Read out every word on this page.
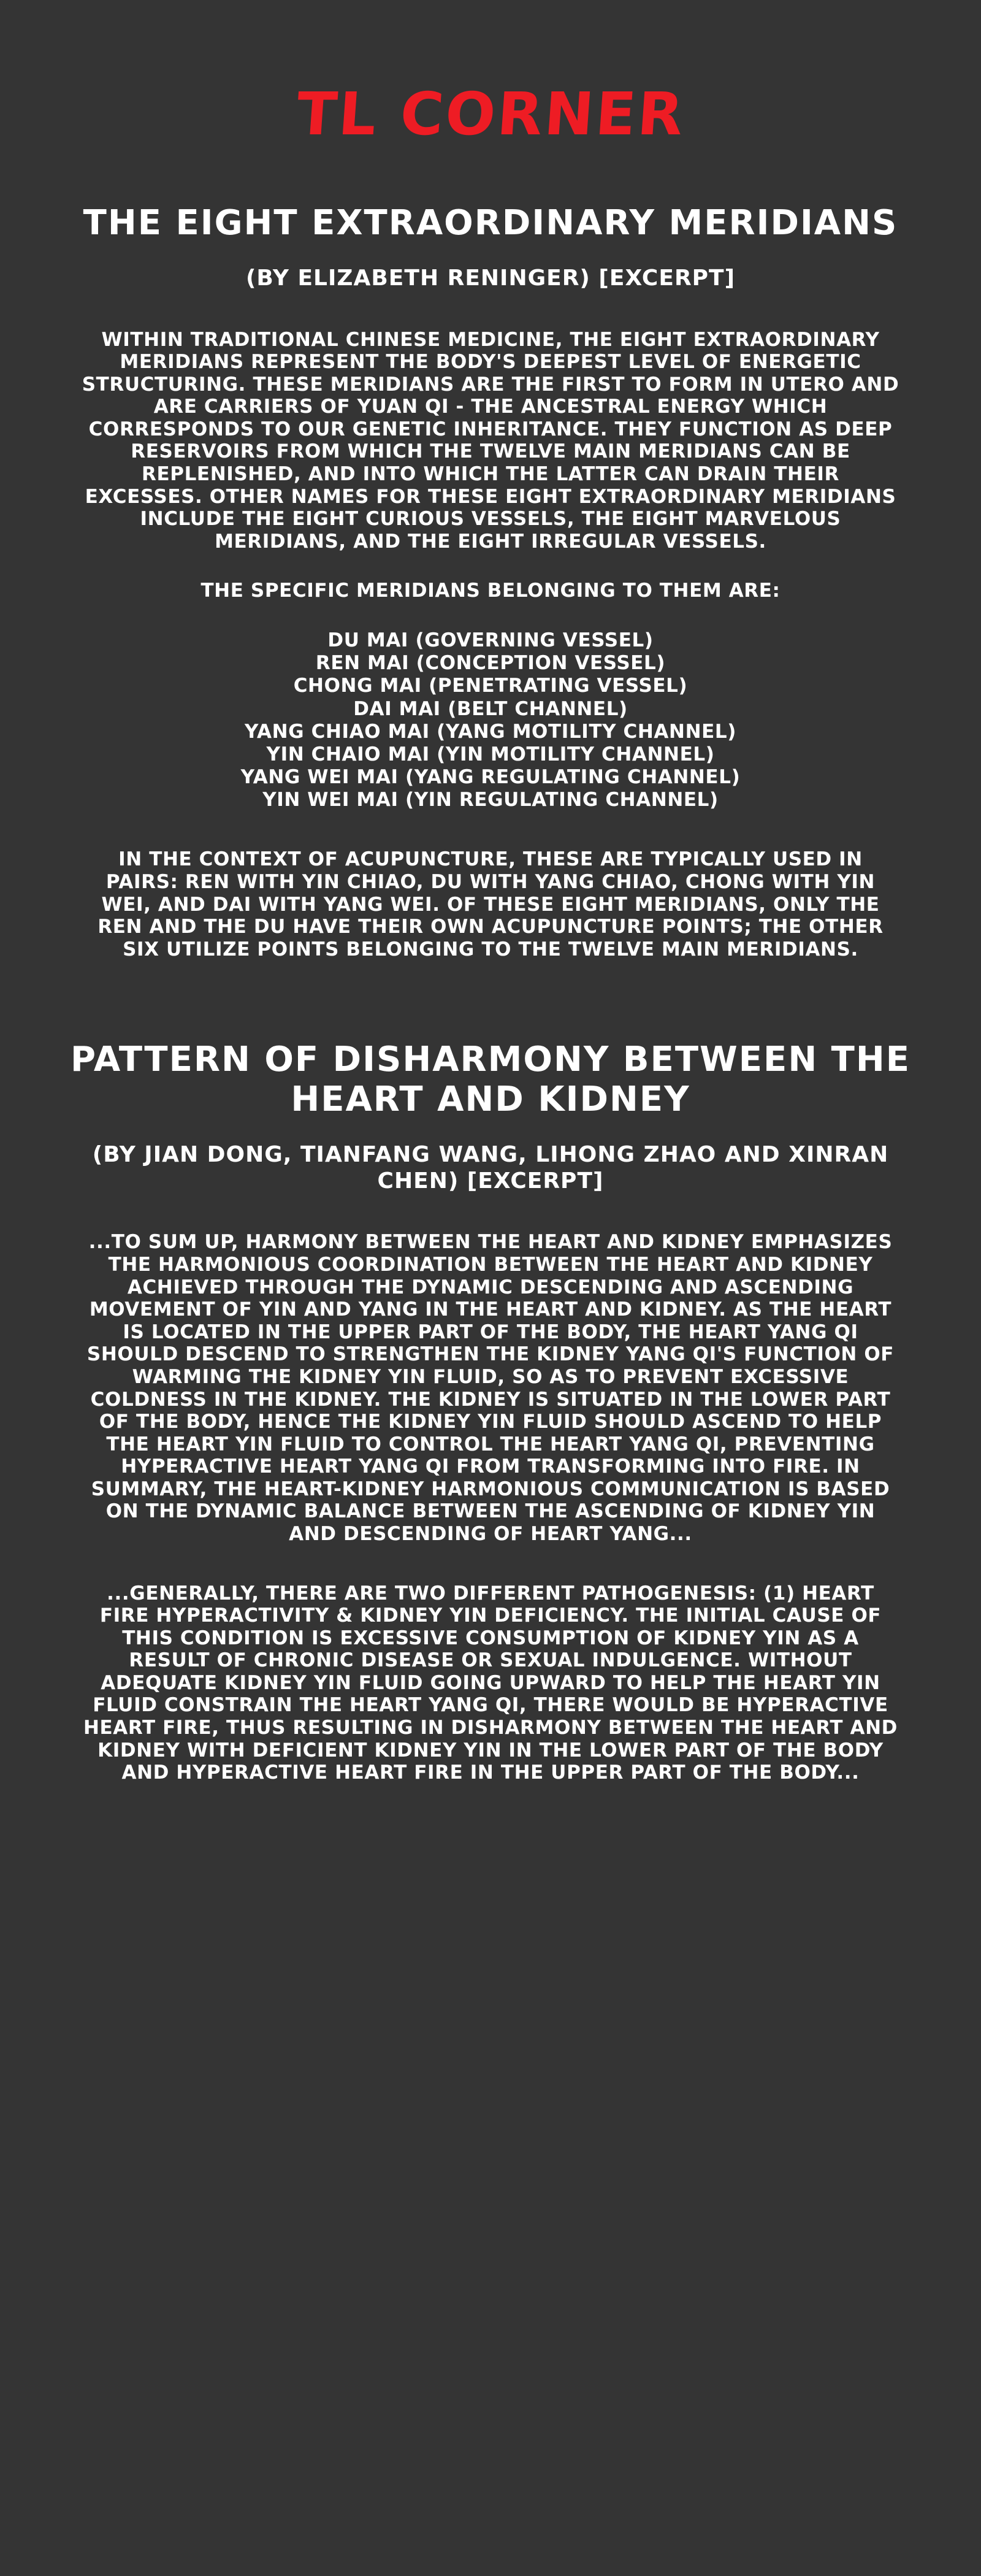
TL CORNER
THE EIGHT EXTRAORDINARY MERIDIANS
(BY ELIZABETH RENINGER) [EXCERPT]
WITHIN TRADITIONAL CHINESE MEDICINE, THE EIGHT EXTRAORDINARY MERIDIANS REPRESENT THE BODY'S DEEPEST LEVEL OF ENERGETIC STRUCTURING. THESE MERIDIANS ARE THE FIRST TO FORM IN UTERO AND ARE CARRIERS OF YUAN QI - THE ANCESTRAL ENERGY WHICH CORRESPONDS TO OUR GENETIC INHERITANCE. THEY FUNCTION AS DEEP RESERVOIRS FROM WHICH THE TWELVE MAIN MERIDIANS CAN BE REPLENISHED, AND INTO WHICH THE LATTER CAN DRAIN THEIR EXCESSES. OTHER NAMES FOR THESE EIGHT EXTRAORDINARY MERIDIANS INCLUDE THE EIGHT CURIOUS VESSELS, THE EIGHT MARVELOUS MERIDIANS, AND THE EIGHT IRREGULAR VESSELS.
THE SPECIFIC MERIDIANS BELONGING TO THEM ARE:
DU MAI (GOVERNING VESSEL)
REN MAI (CONCEPTION VESSEL)
CHONG MAI (PENETRATING VESSEL)
DAI MAI (BELT CHANNEL)
YANG CHIAO MAI (YANG MOTILITY CHANNEL)
YIN CHAIO MAI (YIN MOTILITY CHANNEL)
YANG WEI MAI (YANG REGULATING CHANNEL)
YIN WEI MAI (YIN REGULATING CHANNEL)
IN THE CONTEXT OF ACUPUNCTURE, THESE ARE TYPICALLY USED IN PAIRS: REN WITH YIN CHIAO, DU WITH YANG CHIAO, CHONG WITH YIN WEI, AND DAI WITH YANG WEI. OF THESE EIGHT MERIDIANS, ONLY THE REN AND THE DU HAVE THEIR OWN ACUPUNCTURE POINTS; THE OTHER SIX UTILIZE POINTS BELONGING TO THE TWELVE MAIN MERIDIANS.
PATTERN OF DISHARMONY BETWEEN THE HEART AND KIDNEY
(BY JIAN DONG, TIANFANG WANG, LIHONG ZHAO AND XINRAN CHEN) [EXCERPT]
...TO SUM UP, HARMONY BETWEEN THE HEART AND KIDNEY EMPHASIZES THE HARMONIOUS COORDINATION BETWEEN THE HEART AND KIDNEY ACHIEVED THROUGH THE DYNAMIC DESCENDING AND ASCENDING MOVEMENT OF YIN AND YANG IN THE HEART AND KIDNEY. AS THE HEART IS LOCATED IN THE UPPER PART OF THE BODY, THE HEART YANG QI SHOULD DESCEND TO STRENGTHEN THE KIDNEY YANG QI'S FUNCTION OF WARMING THE KIDNEY YIN FLUID, SO AS TO PREVENT EXCESSIVE COLDNESS IN THE KIDNEY. THE KIDNEY IS SITUATED IN THE LOWER PART OF THE BODY, HENCE THE KIDNEY YIN FLUID SHOULD ASCEND TO HELP THE HEART YIN FLUID TO CONTROL THE HEART YANG QI, PREVENTING HYPERACTIVE HEART YANG QI FROM TRANSFORMING INTO FIRE. IN SUMMARY, THE HEART-KIDNEY HARMONIOUS COMMUNICATION IS BASED ON THE DYNAMIC BALANCE BETWEEN THE ASCENDING OF KIDNEY YIN AND DESCENDING OF HEART YANG...
...GENERALLY, THERE ARE TWO DIFFERENT PATHOGENESIS: (1) HEART FIRE HYPERACTIVITY & KIDNEY YIN DEFICIENCY. THE INITIAL CAUSE OF THIS CONDITION IS EXCESSIVE CONSUMPTION OF KIDNEY YIN AS A RESULT OF CHRONIC DISEASE OR SEXUAL INDULGENCE. WITHOUT ADEQUATE KIDNEY YIN FLUID GOING UPWARD TO HELP THE HEART YIN FLUID CONSTRAIN THE HEART YANG QI, THERE WOULD BE HYPERACTIVE HEART FIRE, THUS RESULTING IN DISHARMONY BETWEEN THE HEART AND KIDNEY WITH DEFICIENT KIDNEY YIN IN THE LOWER PART OF THE BODY AND HYPERACTIVE HEART FIRE IN THE UPPER PART OF THE BODY...
